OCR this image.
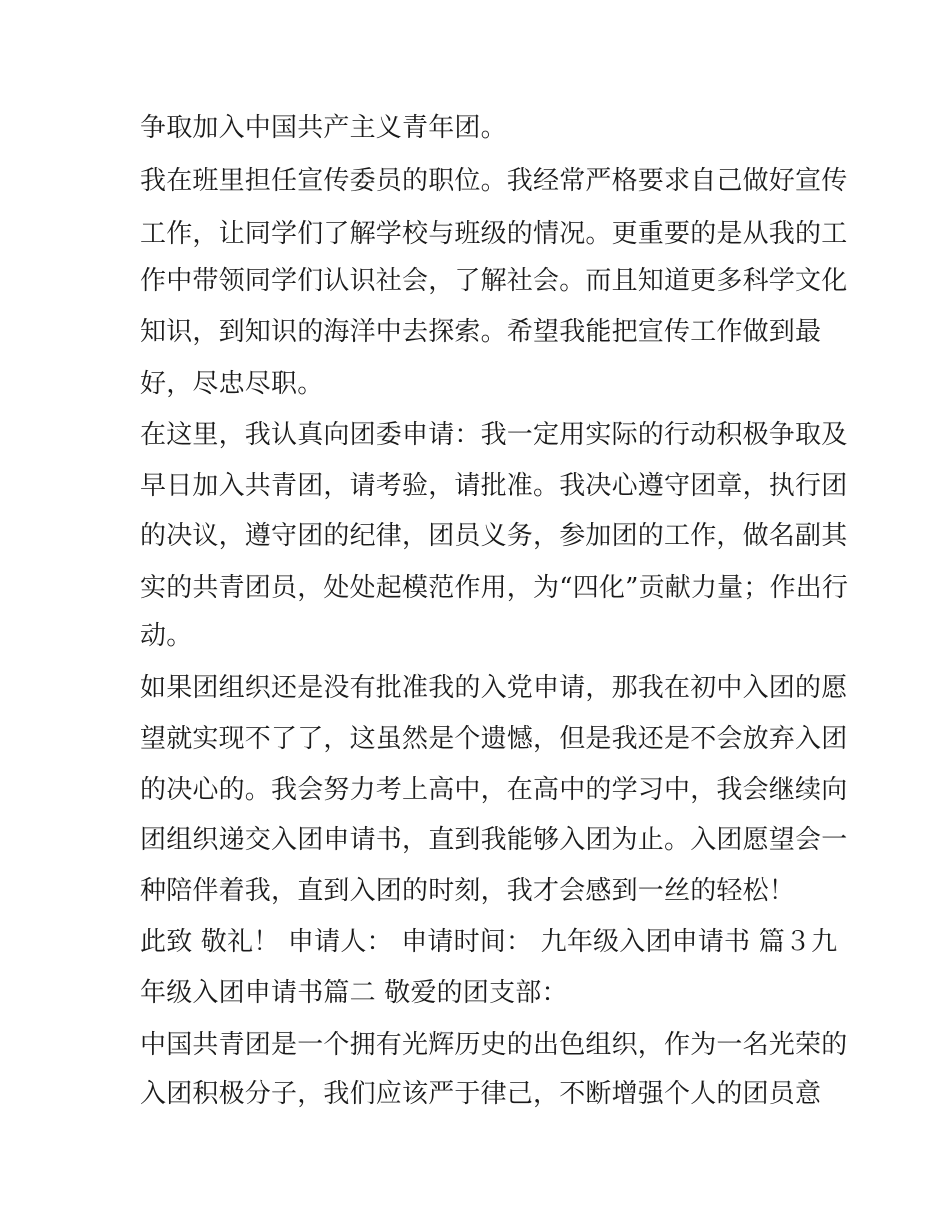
争取加入中国共产主义青年团。
我在班里担任宣传委员的职位。我经常严格要求自己做好宣传
工作，让同学们了解学校与班级的情况。更重要的是从我的工
作中带领同学们认识社会，了解社会。而且知道更多科学文化
知识，到知识的海洋中去探索。希望我能把宣传工作做到最
好，尽忠尽职。
在这里，我认真向团委申请：我一定用实际的行动积极争取及
早日加入共青团，请考验，请批准。我决心遵守团章，执行团
的决议，遵守团的纪律，团员义务，参加团的工作，做名副其
实的共青团员，处处起模范作用，为“四化”贡献力量；作出行
动。
如果团组织还是没有批准我的入党申请，那我在初中入团的愿
望就实现不了了，这虽然是个遗憾，但是我还是不会放弃入团
的决心的。我会努力考上高中，在高中的学习中，我会继续向
团组织递交入团申请书，直到我能够入团为止。入团愿望会一
种陪伴着我，直到入团的时刻，我才会感到一丝的轻松！
此致 敬礼！ 申请人： 申请时间： 九年级入团申请书 篇３九
年级入团申请书篇二 敬爱的团支部：
中国共青团是一个拥有光辉历史的出色组织，作为一名光荣的
入团积极分子，我们应该严于律己，不断增强个人的团员意
